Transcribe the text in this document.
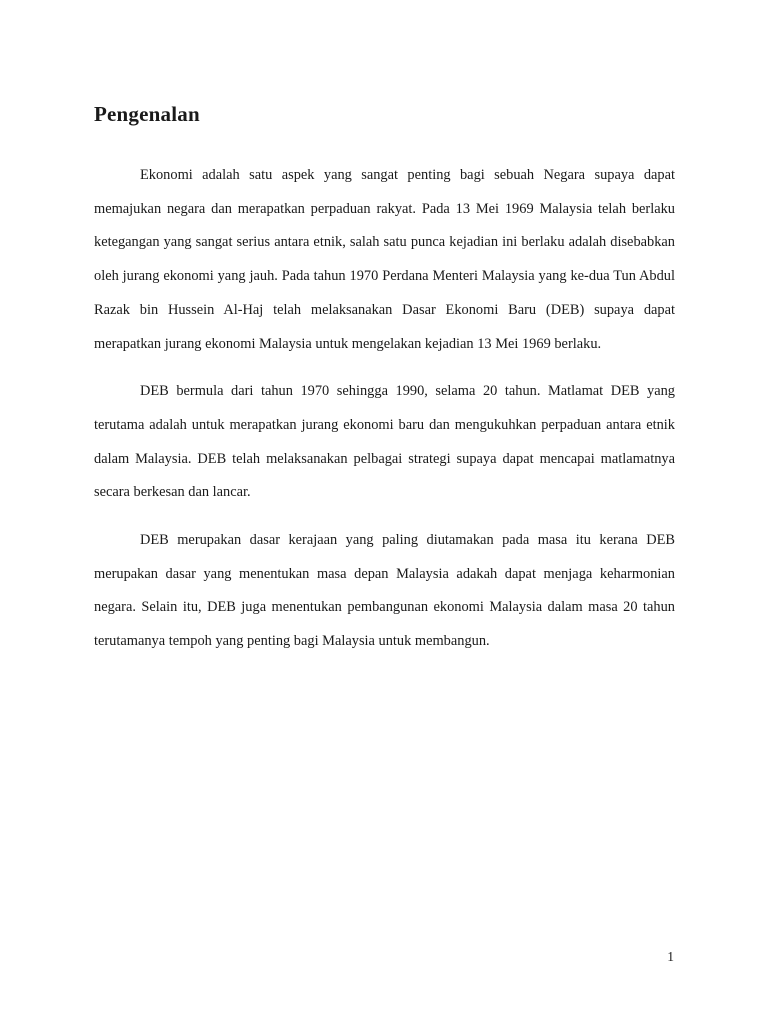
Pengenalan

Ekonomi adalah satu aspek yang sangat penting bagi sebuah Negara supaya dapat memajukan negara dan merapatkan perpaduan rakyat. Pada 13 Mei 1969 Malaysia telah berlaku ketegangan yang sangat serius antara etnik, salah satu punca kejadian ini berlaku adalah disebabkan oleh jurang ekonomi yang jauh. Pada tahun 1970 Perdana Menteri Malaysia yang ke-dua Tun Abdul Razak bin Hussein Al-Haj telah melaksanakan Dasar Ekonomi Baru (DEB) supaya dapat merapatkan jurang ekonomi Malaysia untuk mengelakan kejadian 13 Mei 1969 berlaku.

DEB bermula dari tahun 1970 sehingga 1990, selama 20 tahun. Matlamat DEB yang terutama adalah untuk merapatkan jurang ekonomi baru dan mengukuhkan perpaduan antara etnik dalam Malaysia. DEB telah melaksanakan pelbagai strategi supaya dapat mencapai matlamatnya secara berkesan dan lancar.

DEB merupakan dasar kerajaan yang paling diutamakan pada masa itu kerana DEB merupakan dasar yang menentukan masa depan Malaysia adakah dapat menjaga keharmonian negara. Selain itu, DEB juga menentukan pembangunan ekonomi Malaysia dalam masa 20 tahun terutamanya tempoh yang penting bagi Malaysia untuk membangun.

1
